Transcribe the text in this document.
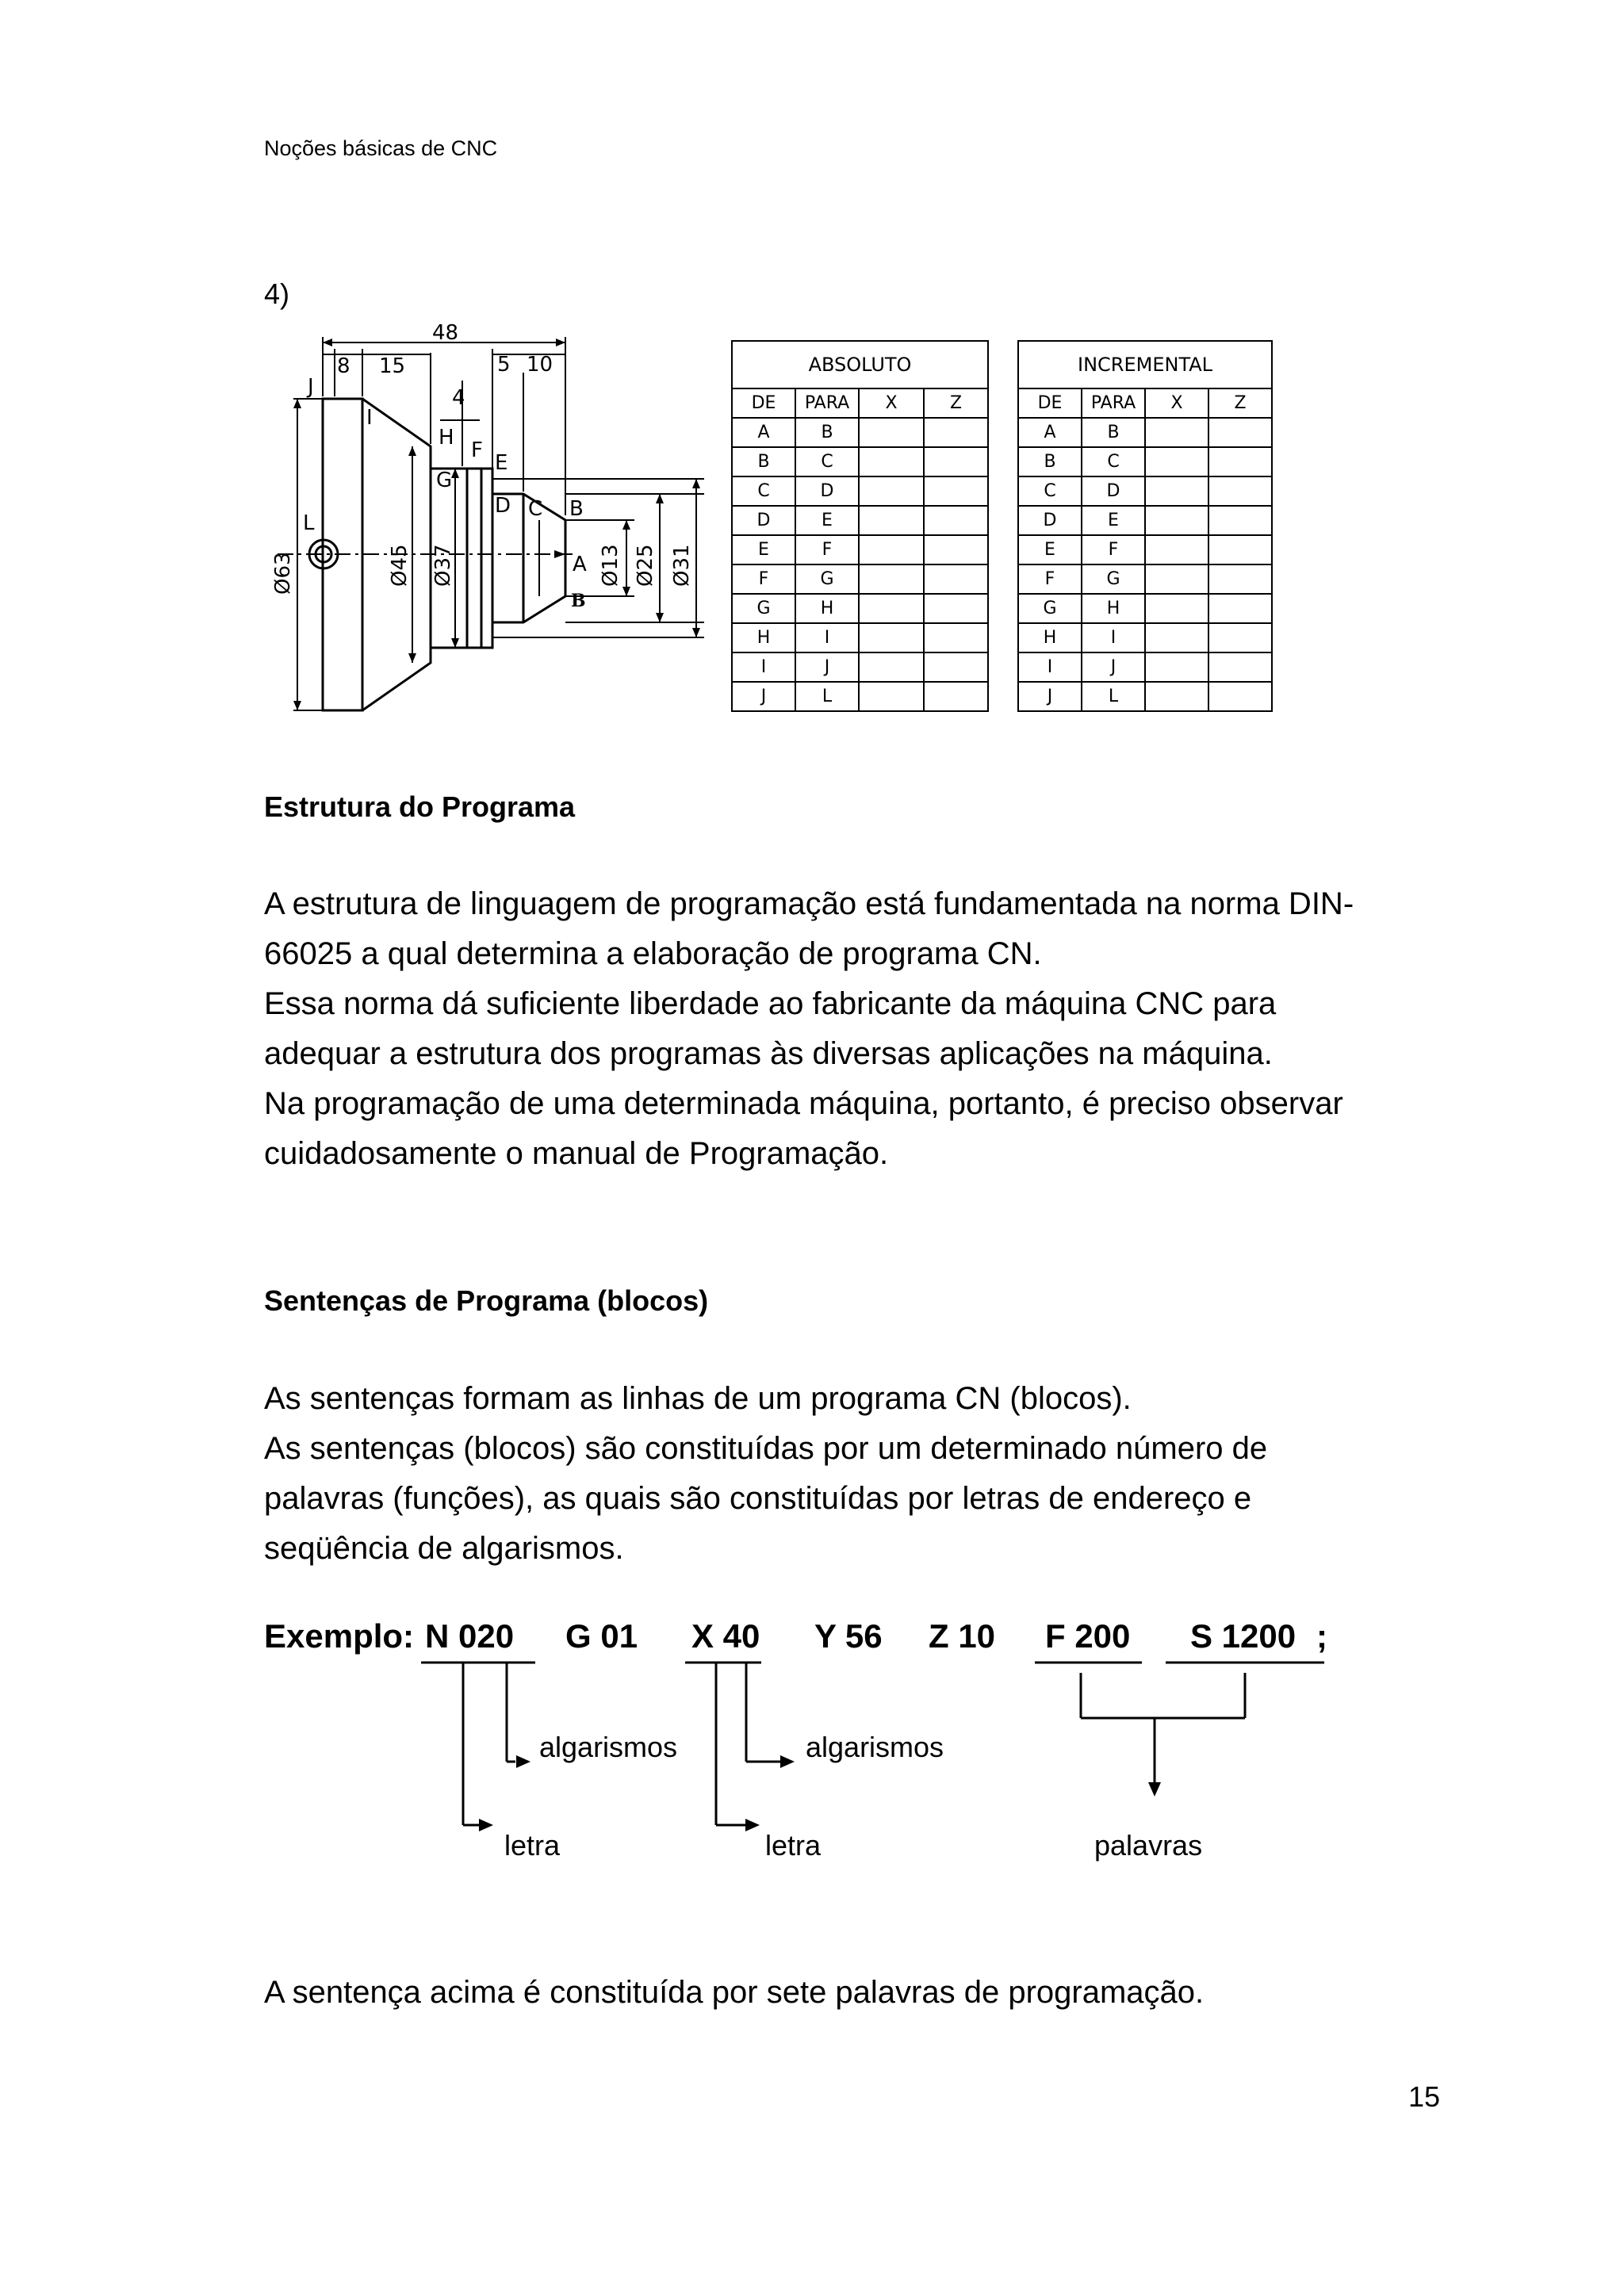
Noções básicas de CNC
4)
48
8 15
4
5 10
Ø63	Ø45 Ø37	Ø13 Ø25 Ø31
A
B
C
D
E
F
G
H
I
J
L
B
ABSOLUTO			
DE	PARA	X	Z
A	B		
B	C		
C	D		
D	E		
E	F		
F	G		
G	H		
H	I		
I	J		
J	L		
INCREMENTAL			
DE	PARA	X	Z
A	B		
B	C		
C	D		
D	E		
E	F		
F	G		
G	H		
H	I		
I	J		
J	L		
Estrutura do Programa

A estrutura de linguagem de programação está fundamentada na norma DIN-

66025 a qual determina a elaboração de programa CN.

Essa norma dá suficiente liberdade ao fabricante da máquina CNC para

adequar a estrutura dos programas às diversas aplicações na máquina.

Na programação de uma determinada máquina, portanto, é preciso observar

cuidadosamente o manual de Programação.

Sentenças de Programa (blocos)

As sentenças formam as linhas de um programa CN (blocos).

As sentenças (blocos) são constituídas por um determinado número de

palavras (funções), as quais são constituídas por letras de endereço e

seqüência de algarismos.

Exemplo: N 020 G 01 X 40 Y 56 Z 10 F 200 S 1200 ;
algarismos	algarismos
letra	letra	palavras
A sentença acima é constituída por sete palavras de programação.
15
